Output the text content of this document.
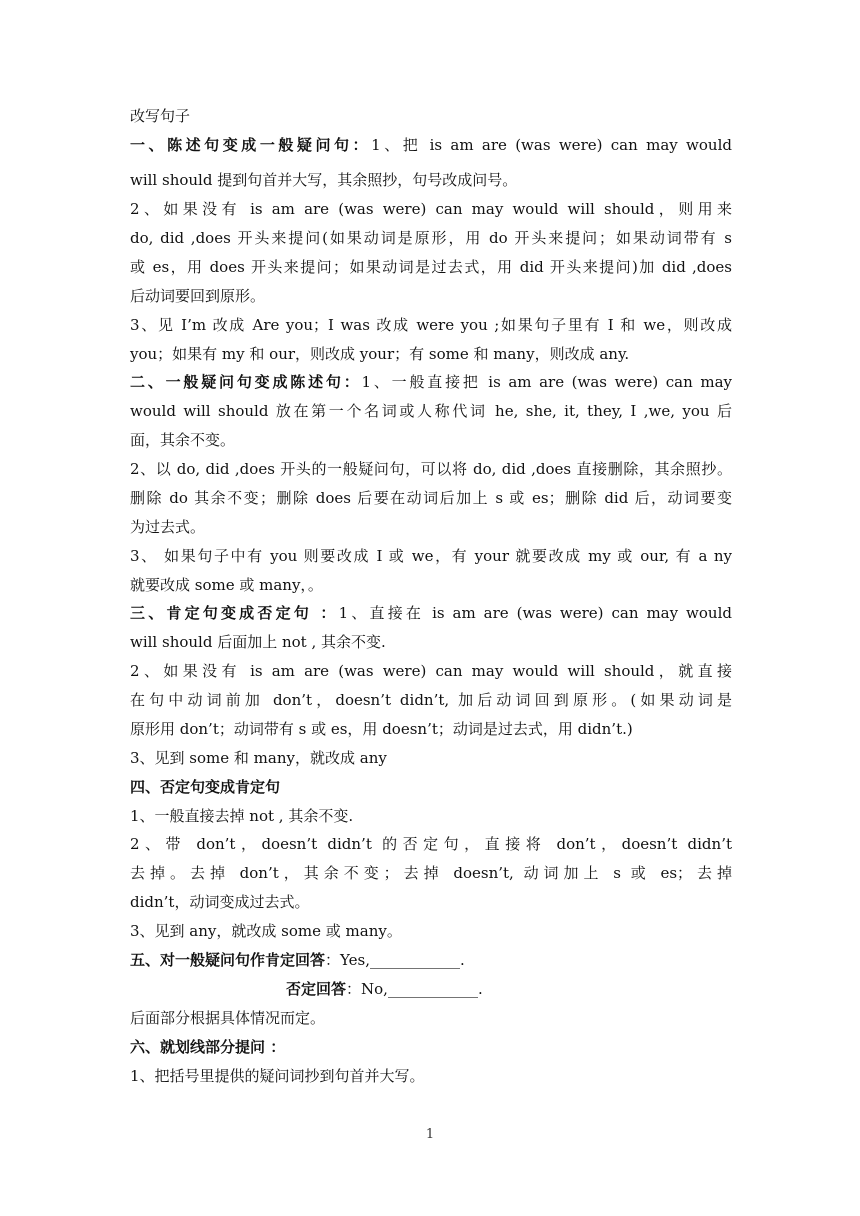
改写句子
一、陈述句变成一般疑问句：1、把 is am are (was were) can may would
will should 提到句首并大写，其余照抄，句号改成问号。
2、如果没有 is am are (was were) can may would will should，则用来
do, did ,does 开头来提问(如果动词是原形，用 do 开头来提问；如果动词带有 s
或 es，用 does 开头来提问；如果动词是过去式，用 did 开头来提问)加 did ,does
后动词要回到原形。
3、见 I’m 改成 Are you；I was 改成 were you ;如果句子里有 I 和 we，则改成
you；如果有 my 和 our，则改成 your；有 some 和 many，则改成 any.
二、一般疑问句变成陈述句：1、一般直接把 is am are (was were) can may
would will should 放在第一个名词或人称代词 he, she, it, they, I ,we, you 后
面，其余不变。
2、以 do, did ,does 开头的一般疑问句，可以将 do, did ,does 直接删除，其余照抄。
删除 do 其余不变；删除 does 后要在动词后加上 s 或 es；删除 did 后，动词要变
为过去式。
3、 如果句子中有 you 则要改成 I 或 we，有 your 就要改成 my 或 our, 有 a ny
就要改成 some 或 many，。
三、肯定句变成否定句 ：1、直接在 is am are (was were) can may would
will should 后面加上 not , 其余不变.
2、如果没有 is am are (was were) can may would will should，就直接
在句中动词前加 don’t，doesn’t didn’t, 加后动词回到原形。(如果动词是
原形用 don’t；动词带有 s 或 es，用 doesn’t；动词是过去式，用 didn’t.)
3、见到 some 和 many，就改成 any
四、否定句变成肯定句
1、一般直接去掉 not , 其余不变.
2、带 don’t，doesn’t didn’t 的否定句，直接将 don’t，doesn’t didn’t
去掉。去掉 don’t，其余不变；去掉 doesn’t, 动词加上 s 或 es；去掉
didn’t，动词变成过去式。
3、见到 any，就改成 some 或 many。
五、对一般疑问句作肯定回答：Yes,____________.
否定回答：No,____________.
后面部分根据具体情况而定。
六、就划线部分提问 ：
1、把括号里提供的疑问词抄到句首并大写。
1
